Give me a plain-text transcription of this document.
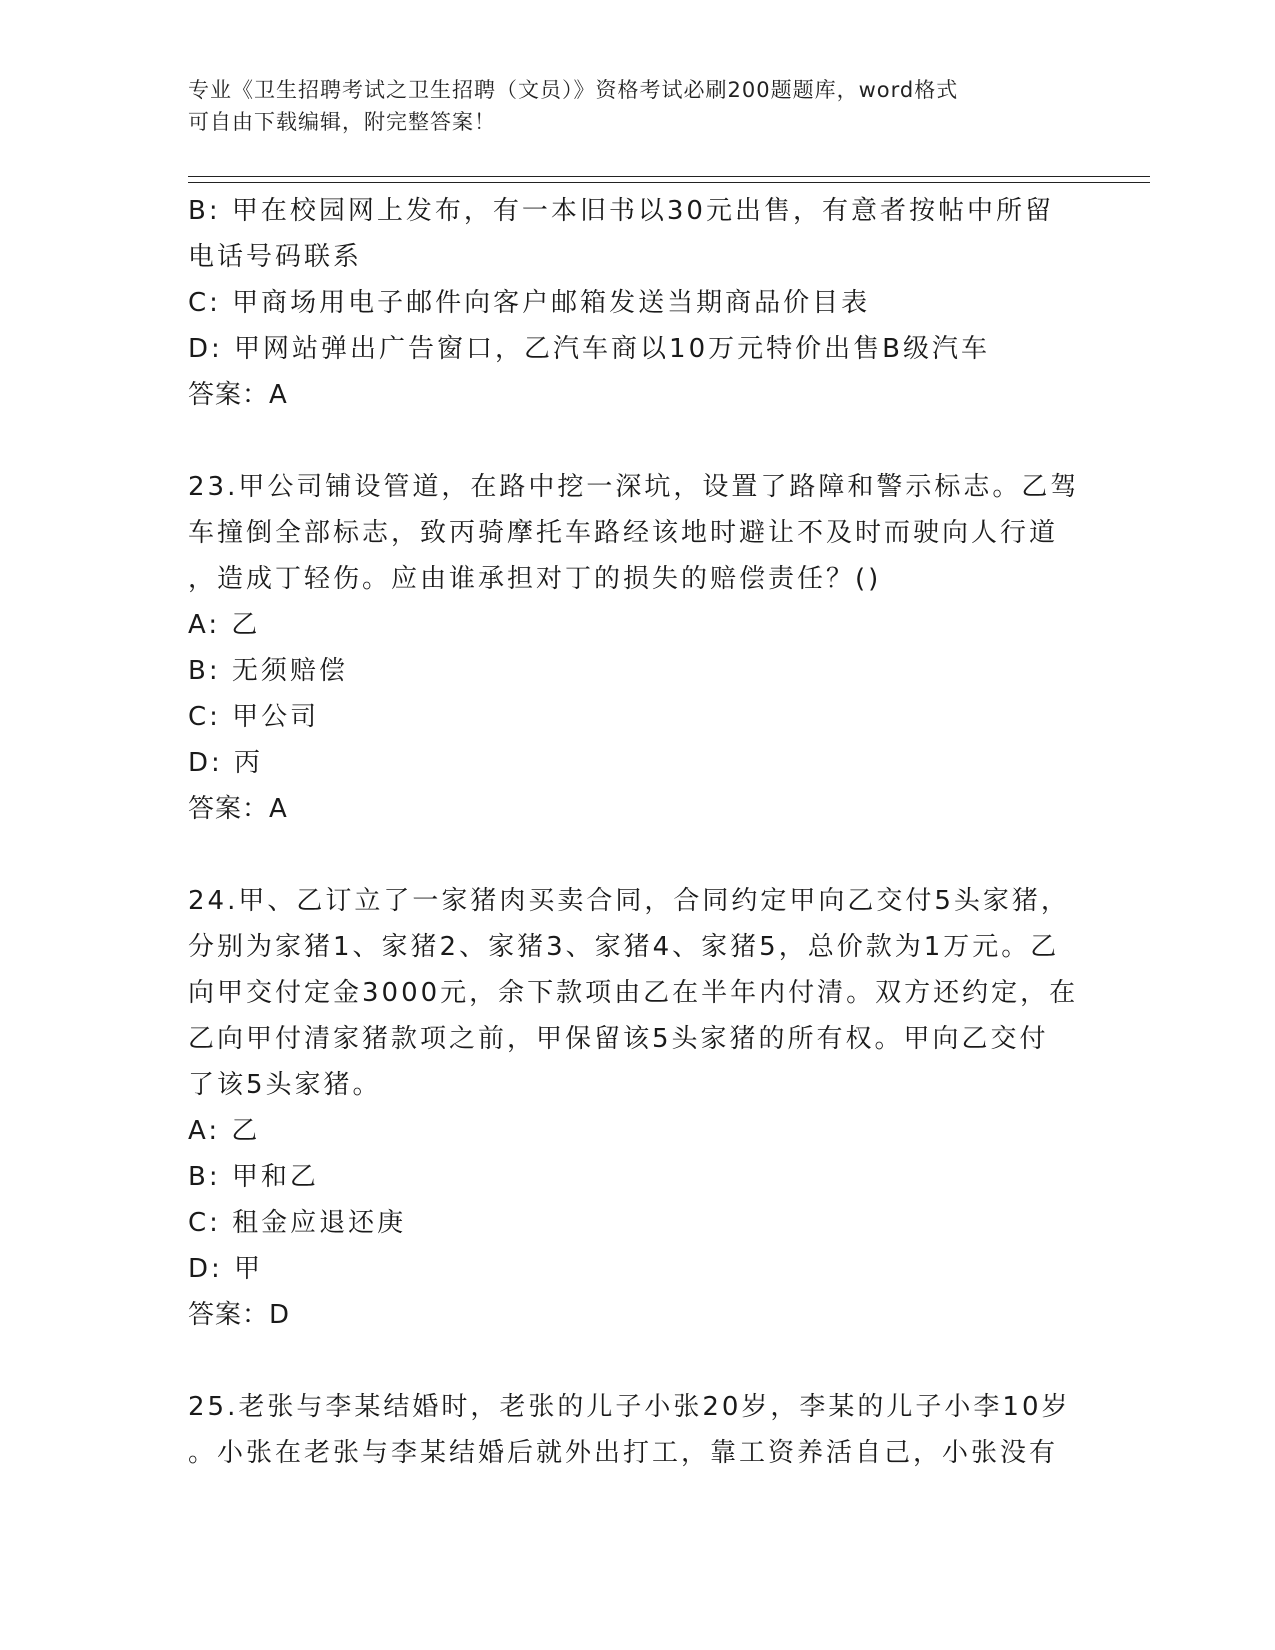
专业《卫生招聘考试之卫生招聘（文员）》资格考试必刷200题题库，word格式
可自由下载编辑，附完整答案！
B: 甲在校园网上发布，有一本旧书以30元出售，有意者按帖中所留
电话号码联系
C: 甲商场用电子邮件向客户邮箱发送当期商品价目表
D: 甲网站弹出广告窗口，乙汽车商以10万元特价出售B级汽车
答案：A
23.甲公司铺设管道，在路中挖一深坑，设置了路障和警示标志。乙驾
车撞倒全部标志，致丙骑摩托车路经该地时避让不及时而驶向人行道
，造成丁轻伤。应由谁承担对丁的损失的赔偿责任？()
A: 乙
B: 无须赔偿
C: 甲公司
D: 丙
答案：A
24.甲、乙订立了一家猪肉买卖合同，合同约定甲向乙交付5头家猪，
分别为家猪1、家猪2、家猪3、家猪4、家猪5，总价款为1万元。乙
向甲交付定金3000元，余下款项由乙在半年内付清。双方还约定，在
乙向甲付清家猪款项之前，甲保留该5头家猪的所有权。甲向乙交付
了该5头家猪。
A: 乙
B: 甲和乙
C: 租金应退还庚
D: 甲
答案：D
25.老张与李某结婚时，老张的儿子小张20岁，李某的儿子小李10岁
。小张在老张与李某结婚后就外出打工，靠工资养活自己，小张没有
